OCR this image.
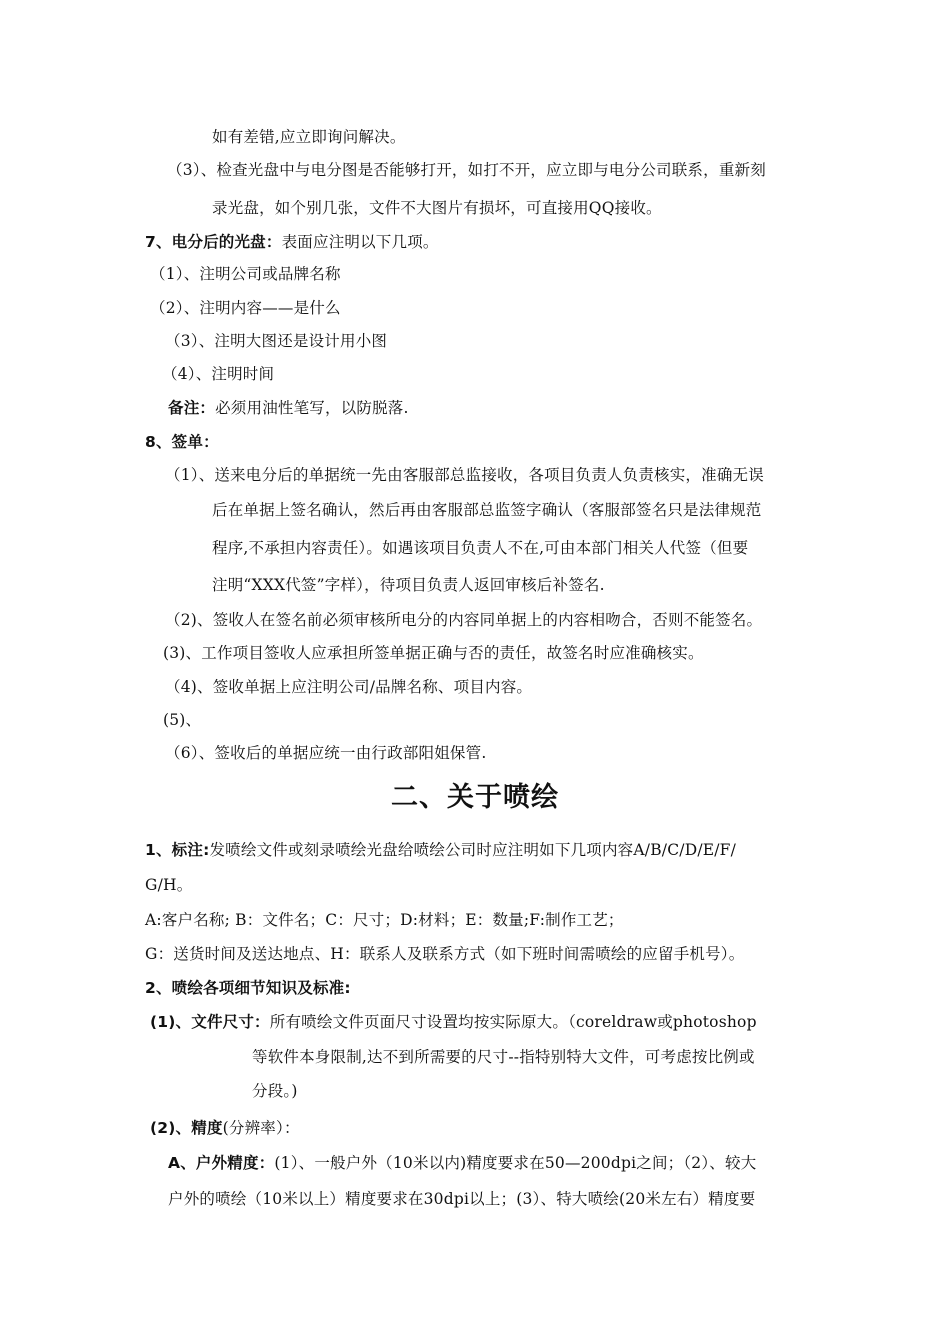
如有差错,应立即询问解决。
（3）、检查光盘中与电分图是否能够打开，如打不开，应立即与电分公司联系，重新刻
录光盘，如个别几张，文件不大图片有损坏，可直接用QQ接收。
7、电分后的光盘：表面应注明以下几项。
（1）、注明公司或品牌名称
（2）、注明内容——是什么
（3）、注明大图还是设计用小图
（4）、注明时间
备注：必须用油性笔写，以防脱落.
8、签单：
（1）、送来电分后的单据统一先由客服部总监接收，各项目负责人负责核实，准确无误
后在单据上签名确认，然后再由客服部总监签字确认（客服部签名只是法律规范
程序,不承担内容责任）。如遇该项目负责人不在,可由本部门相关人代签（但要
注明“XXX代签”字样），待项目负责人返回审核后补签名.
（2)、签收人在签名前必须审核所电分的内容同单据上的内容相吻合，否则不能签名。
(3)、工作项目签收人应承担所签单据正确与否的责任，故签名时应准确核实。
（4)、签收单据上应注明公司/品牌名称、项目内容。
(5)、
（6）、签收后的单据应统一由行政部阳姐保管.
1、标注:发喷绘文件或刻录喷绘光盘给喷绘公司时应注明如下几项内容A/B/C/D/E/F/
G/H。
A:客户名称; B：文件名；C：尺寸；D:材料；E：数量;F:制作工艺；
G：送货时间及送达地点、H：联系人及联系方式（如下班时间需喷绘的应留手机号）。
2、喷绘各项细节知识及标准:
(1)、文件尺寸：所有喷绘文件页面尺寸设置均按实际原大。（coreldraw或photoshop
等软件本身限制,达不到所需要的尺寸--指特别特大文件，可考虑按比例或
分段。)
(2)、精度(分辨率）：
A、户外精度：(1）、一般户外（10米以内)精度要求在50—200dpi之间；（2）、较大
户外的喷绘（10米以上）精度要求在30dpi以上；(3）、特大喷绘(20米左右）精度要
二、关于喷绘
